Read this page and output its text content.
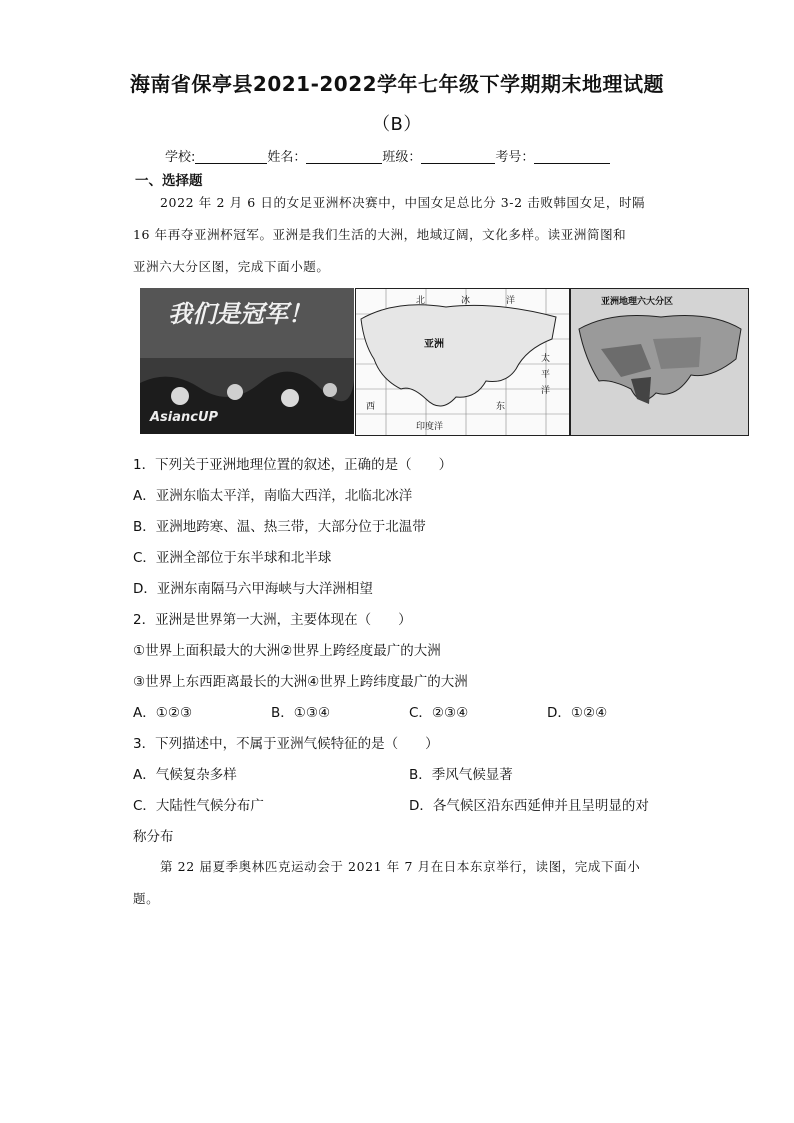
海南省保亭县2021-2022学年七年级下学期期末地理试题
（B）
学校:	姓名：	班级：	考号：
一、选择题
2022 年 2 月 6 日的女足亚洲杯决赛中，中国女足总比分 3-2 击败韩国女足，时隔
16 年再夺亚洲杯冠军。亚洲是我们生活的大洲，地域辽阔，文化多样。读亚洲简图和
亚洲六大分区图，完成下面小题。
我们是冠军！
AsiancUP
北	冰	洋
亚洲
太
平
洋
印度洋
东
西
亚洲地理六大分区
1．下列关于亚洲地理位置的叙述，正确的是（　　）
A．亚洲东临太平洋，南临大西洋，北临北冰洋
B．亚洲地跨寒、温、热三带，大部分位于北温带
C．亚洲全部位于东半球和北半球
D．亚洲东南隔马六甲海峡与大洋洲相望
2．亚洲是世界第一大洲，主要体现在（　　）
①世界上面积最大的大洲②世界上跨经度最广的大洲
③世界上东西距离最长的大洲④世界上跨纬度最广的大洲
A．①②③	B．①③④	C．②③④	D．①②④
3．下列描述中，不属于亚洲气候特征的是（　　）
A．气候复杂多样	B．季风气候显著
C．大陆性气候分布广	D．各气候区沿东西延伸并且呈明显的对
称分布
第 22 届夏季奥林匹克运动会于 2021 年 7 月在日本东京举行，读图，完成下面小
题。
